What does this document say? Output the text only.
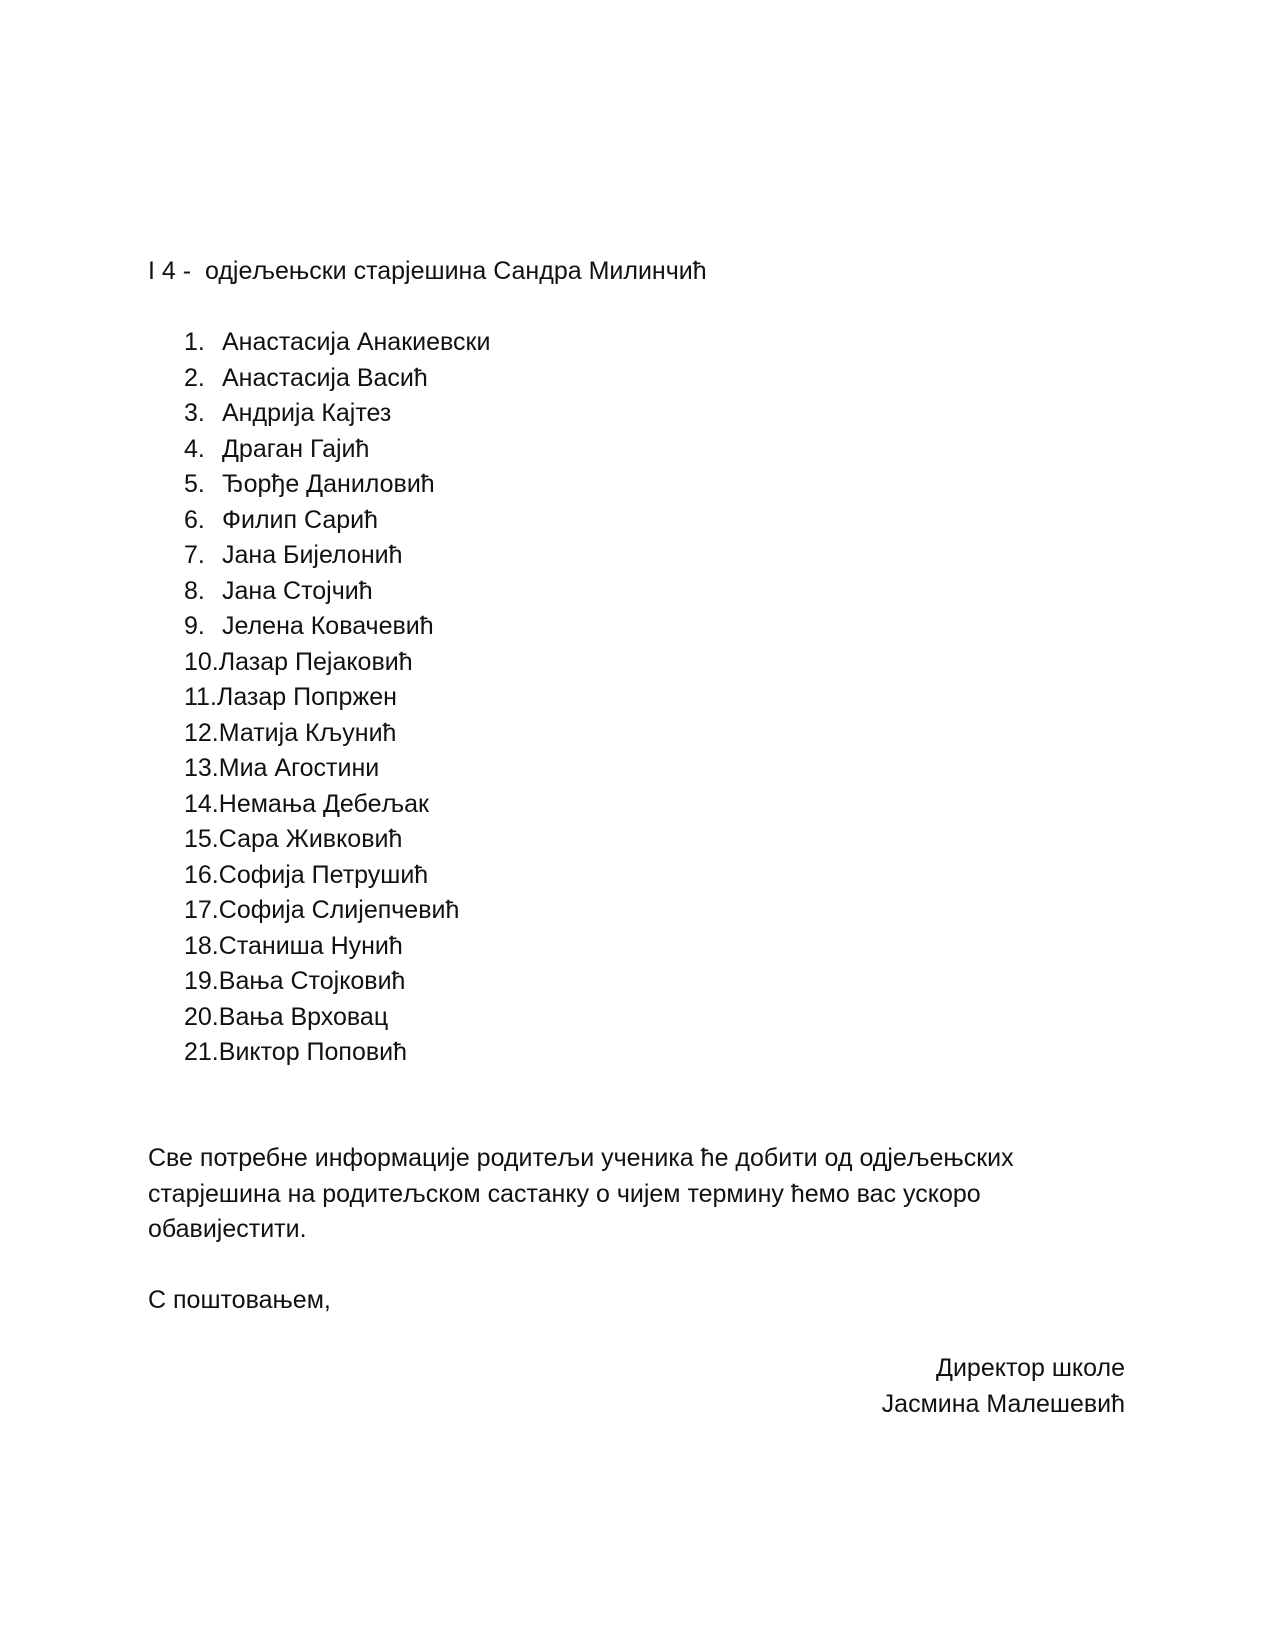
I 4 -  одјељењски старјешина Сандра Милинчић
1. Анастасија Анакиевски
2. Анастасија Васић
3. Андрија Кајтез
4. Драган Гајић
5. Ђорђе Даниловић
6. Филип Сарић
7. Јана Бијелонић
8. Јана Стојчић
9. Јелена Ковачевић
10. Лазар Пејаковић
11. Лазар Попржен
12. Матија Кљунић
13. Миа Агостини
14. Немања Дебељак
15. Сара Живковић
16. Софија Петрушић
17. Софија Слијепчевић
18. Станиша Нунић
19. Вања Стојковић
20. Вања Врховац
21. Виктор Поповић

Све потребне информације родитељи ученика ће добити од одјељењских
старјешина на родитељском састанку о чијем термину ћемо вас ускоро
обавијестити.

С поштовањем,
Директор школе
Јасмина Малешевић
